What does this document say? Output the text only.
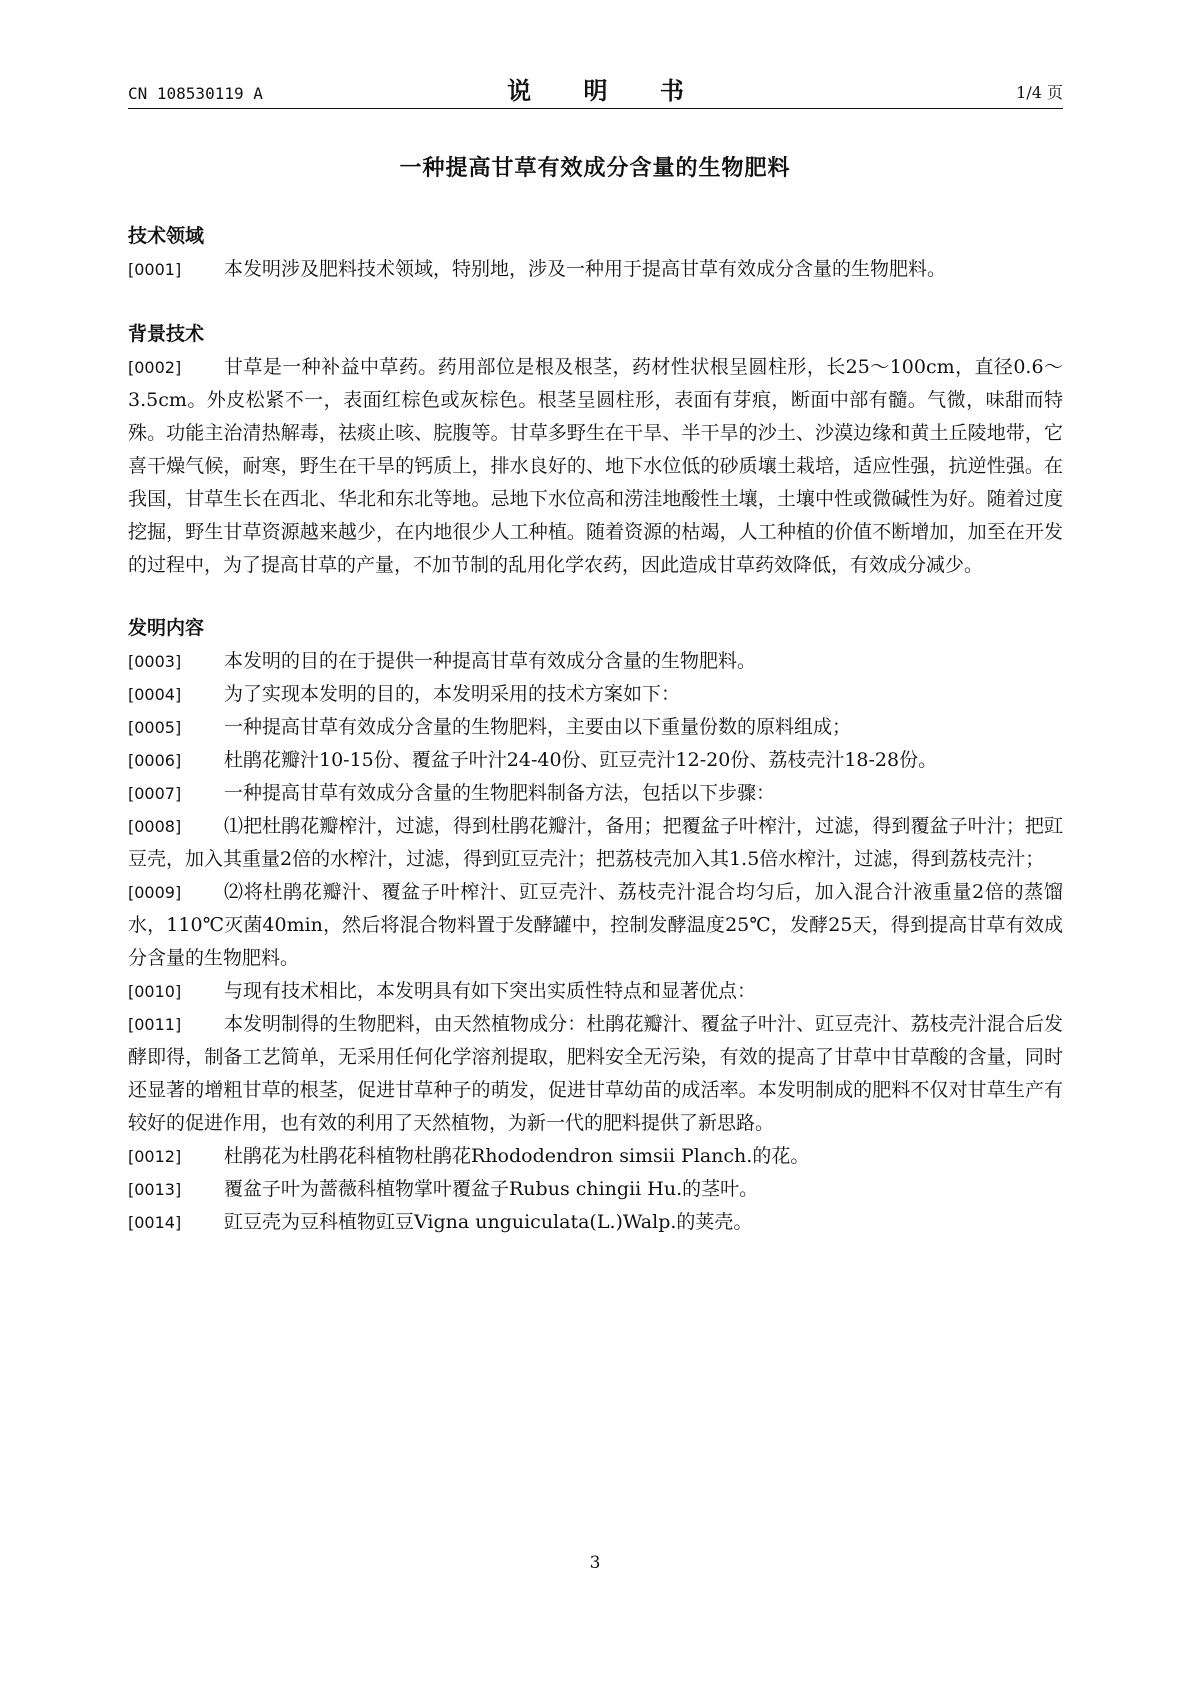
CN 108530119 A	说 明 书	1/4 页
一种提高甘草有效成分含量的生物肥料

技术领域

[0001] 本发明涉及肥料技术领域，特别地，涉及一种用于提高甘草有效成分含量的生物肥料。

背景技术

[0002] 甘草是一种补益中草药。药用部位是根及根茎，药材性状根呈圆柱形，长25～100cm，直径0.6～3.5cm。外皮松紧不一，表面红棕色或灰棕色。根茎呈圆柱形，表面有芽痕，断面中部有髓。气微，味甜而特殊。功能主治清热解毒，祛痰止咳、脘腹等。甘草多野生在干旱、半干旱的沙土、沙漠边缘和黄土丘陵地带，它喜干燥气候，耐寒，野生在干旱的钙质上，排水良好的、地下水位低的砂质壤土栽培，适应性强，抗逆性强。在我国，甘草生长在西北、华北和东北等地。忌地下水位高和涝洼地酸性土壤，土壤中性或微碱性为好。随着过度挖掘，野生甘草资源越来越少，在内地很少人工种植。随着资源的枯竭，人工种植的价值不断增加，加至在开发的过程中，为了提高甘草的产量，不加节制的乱用化学农药，因此造成甘草药效降低，有效成分减少。

发明内容

[0003] 本发明的目的在于提供一种提高甘草有效成分含量的生物肥料。

[0004] 为了实现本发明的目的，本发明采用的技术方案如下：

[0005] 一种提高甘草有效成分含量的生物肥料，主要由以下重量份数的原料组成；

[0006] 杜鹃花瓣汁10-15份、覆盆子叶汁24-40份、豇豆壳汁12-20份、荔枝壳汁18-28份。

[0007] 一种提高甘草有效成分含量的生物肥料制备方法，包括以下步骤：

[0008] ⑴把杜鹃花瓣榨汁，过滤，得到杜鹃花瓣汁，备用；把覆盆子叶榨汁，过滤，得到覆盆子叶汁；把豇豆壳，加入其重量2倍的水榨汁，过滤，得到豇豆壳汁；把荔枝壳加入其1.5倍水榨汁，过滤，得到荔枝壳汁；

[0009] ⑵将杜鹃花瓣汁、覆盆子叶榨汁、豇豆壳汁、荔枝壳汁混合均匀后，加入混合汁液重量2倍的蒸馏水，110℃灭菌40min，然后将混合物料置于发酵罐中，控制发酵温度25℃，发酵25天，得到提高甘草有效成分含量的生物肥料。

[0010] 与现有技术相比，本发明具有如下突出实质性特点和显著优点：

[0011] 本发明制得的生物肥料，由天然植物成分：杜鹃花瓣汁、覆盆子叶汁、豇豆壳汁、荔枝壳汁混合后发酵即得，制备工艺简单，无采用任何化学溶剂提取，肥料安全无污染，有效的提高了甘草中甘草酸的含量，同时还显著的增粗甘草的根茎，促进甘草种子的萌发，促进甘草幼苗的成活率。本发明制成的肥料不仅对甘草生产有较好的促进作用，也有效的利用了天然植物，为新一代的肥料提供了新思路。

[0012] 杜鹃花为杜鹃花科植物杜鹃花Rhododendron simsii Planch.的花。

[0013] 覆盆子叶为蔷薇科植物掌叶覆盆子Rubus chingii Hu.的茎叶。

[0014] 豇豆壳为豆科植物豇豆Vigna unguiculata(L.)Walp.的荚壳。

3
